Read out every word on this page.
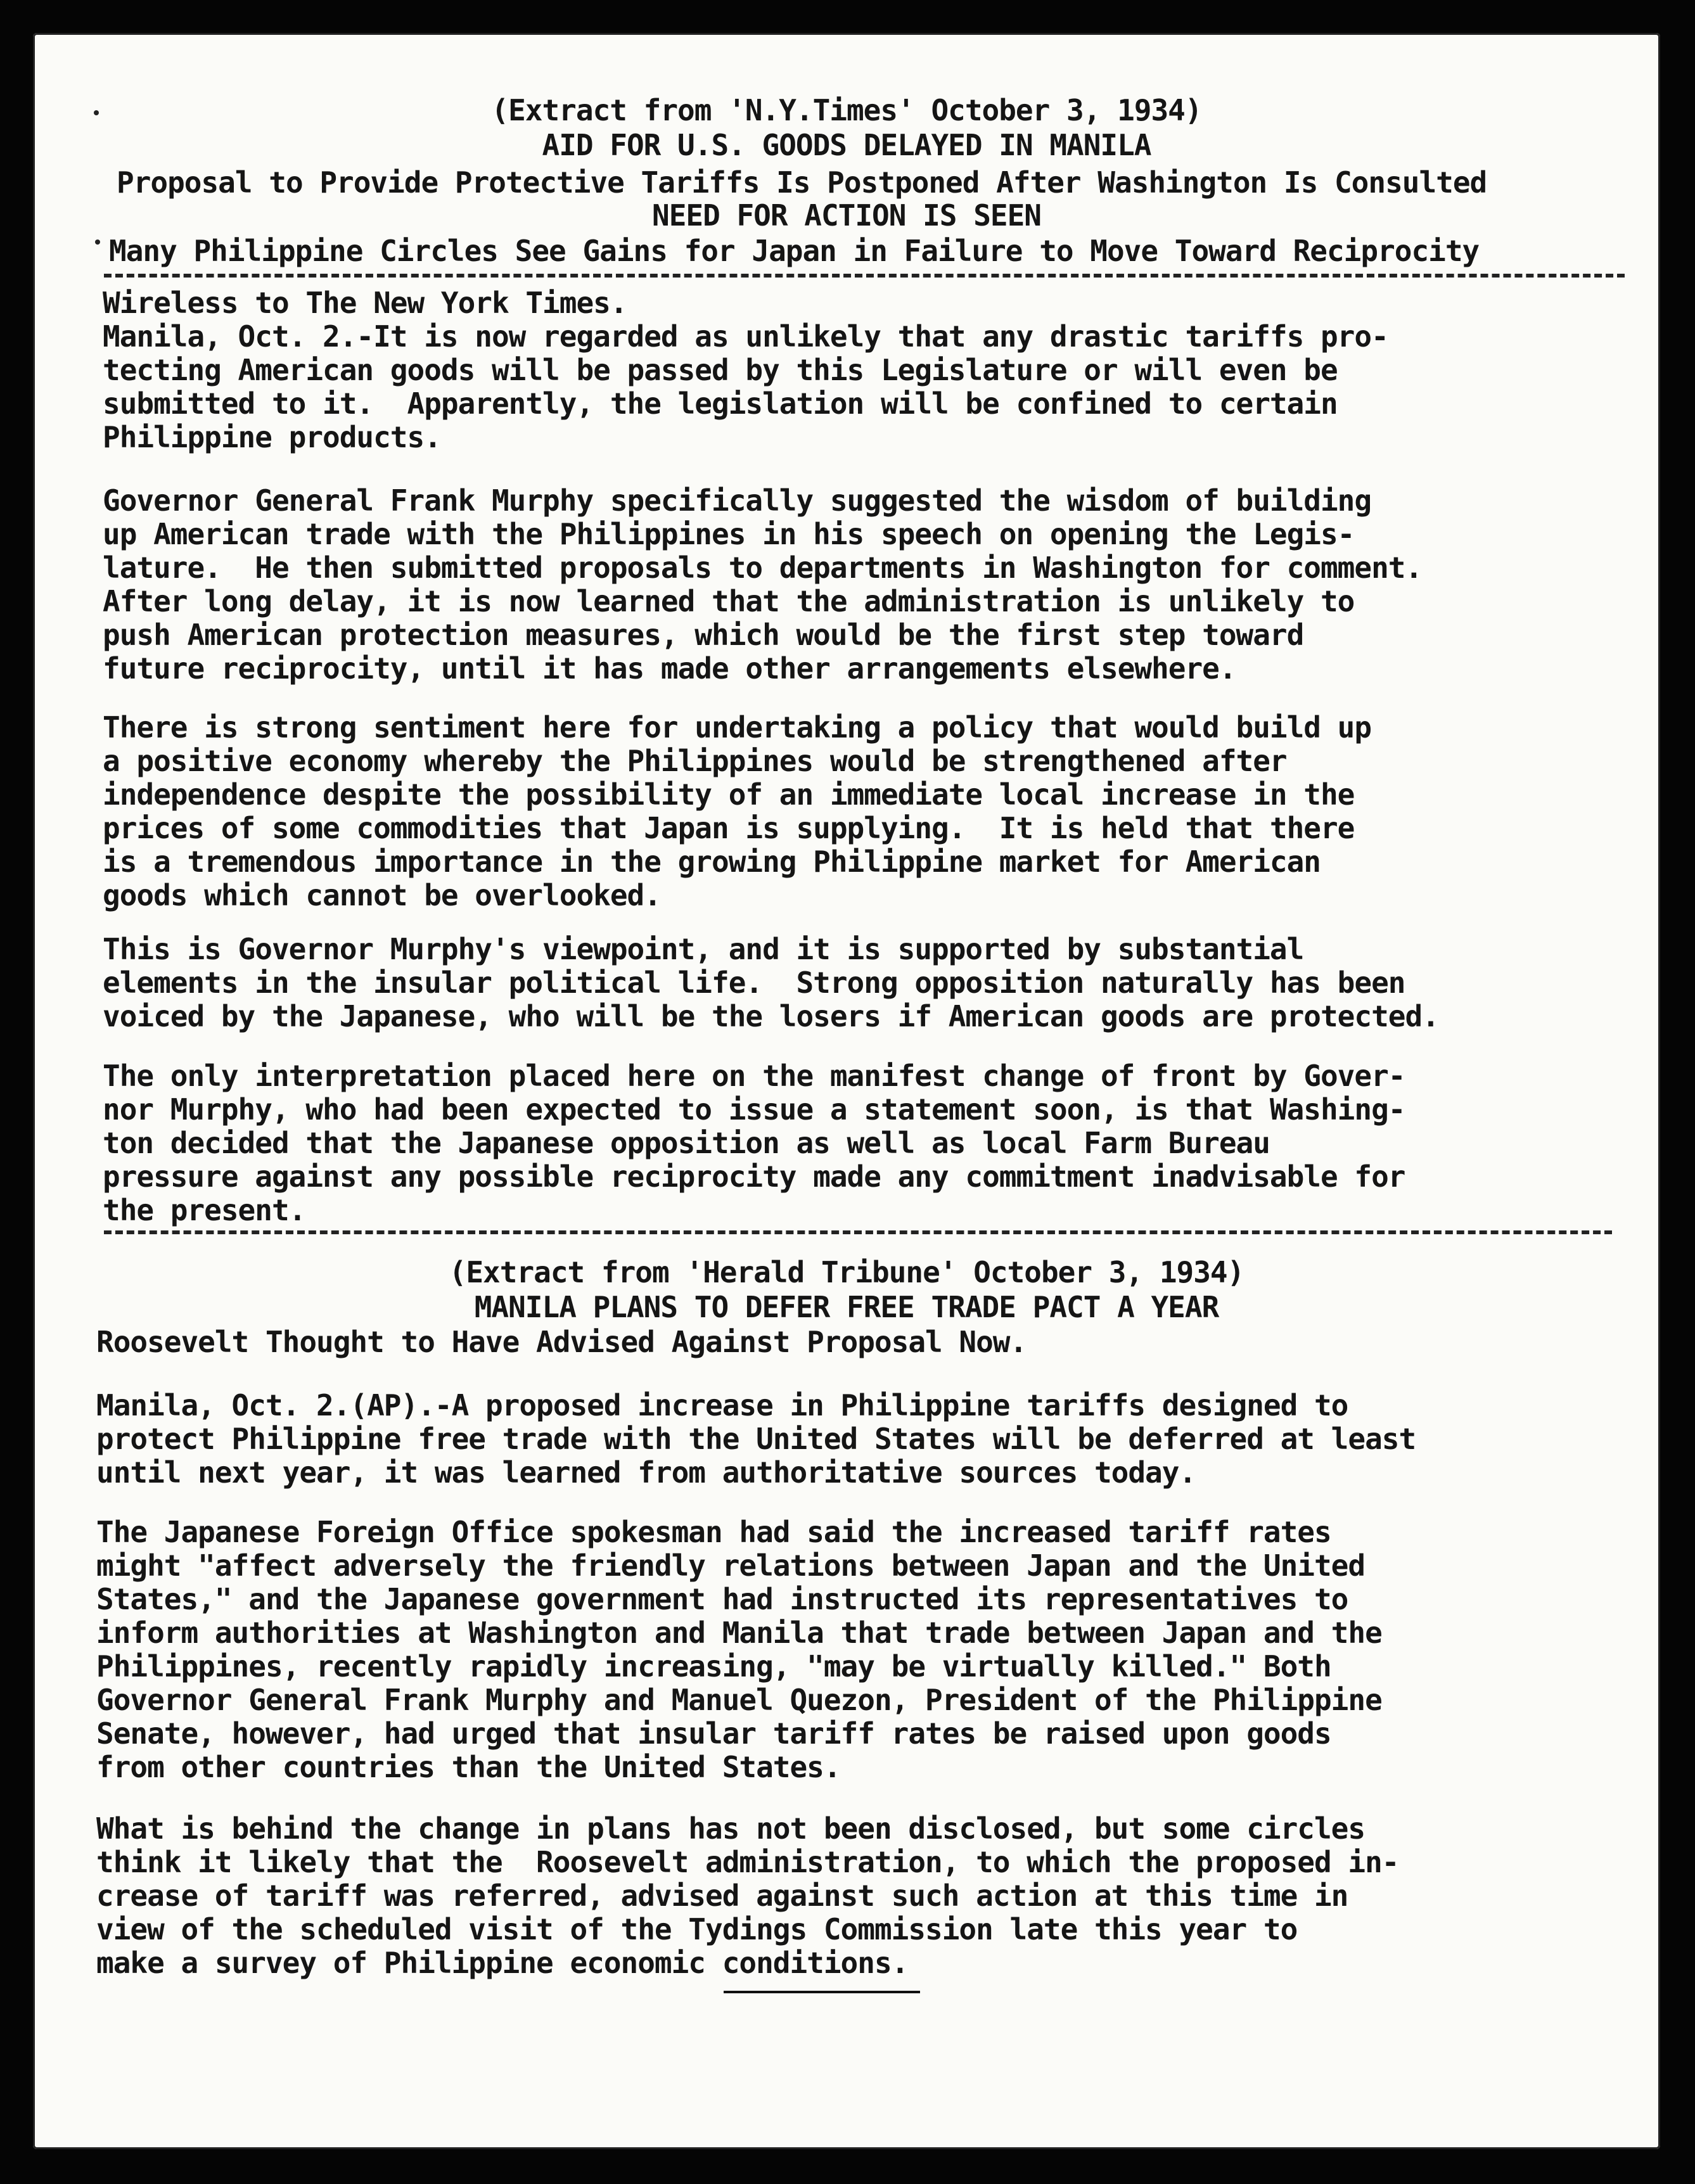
(Extract from 'N.Y.Times' October 3, 1934)

AID FOR U.S. GOODS DELAYED IN MANILA

Proposal to Provide Protective Tariffs Is Postponed After Washington Is Consulted

NEED FOR ACTION IS SEEN

Many Philippine Circles See Gains for Japan in Failure to Move Toward Reciprocity

Wireless to The New York Times.
Manila, Oct. 2.-It is now regarded as unlikely that any drastic tariffs pro-
tecting American goods will be passed by this Legislature or will even be
submitted to it.  Apparently, the legislation will be confined to certain
Philippine products.
Governor General Frank Murphy specifically suggested the wisdom of building
up American trade with the Philippines in his speech on opening the Legis-
lature.  He then submitted proposals to departments in Washington for comment.
After long delay, it is now learned that the administration is unlikely to
push American protection measures, which would be the first step toward
future reciprocity, until it has made other arrangements elsewhere.
There is strong sentiment here for undertaking a policy that would build up
a positive economy whereby the Philippines would be strengthened after
independence despite the possibility of an immediate local increase in the
prices of some commodities that Japan is supplying.  It is held that there
is a tremendous importance in the growing Philippine market for American
goods which cannot be overlooked.
This is Governor Murphy's viewpoint, and it is supported by substantial
elements in the insular political life.  Strong opposition naturally has been
voiced by the Japanese, who will be the losers if American goods are protected.
The only interpretation placed here on the manifest change of front by Gover-
nor Murphy, who had been expected to issue a statement soon, is that Washing-
ton decided that the Japanese opposition as well as local Farm Bureau
pressure against any possible reciprocity made any commitment inadvisable for
the present.

(Extract from 'Herald Tribune' October 3, 1934)

MANILA PLANS TO DEFER FREE TRADE PACT A YEAR

Roosevelt Thought to Have Advised Against Proposal Now.

Manila, Oct. 2.(AP).-A proposed increase in Philippine tariffs designed to
protect Philippine free trade with the United States will be deferred at least
until next year, it was learned from authoritative sources today.
The Japanese Foreign Office spokesman had said the increased tariff rates
might "affect adversely the friendly relations between Japan and the United
States," and the Japanese government had instructed its representatives to
inform authorities at Washington and Manila that trade between Japan and the
Philippines, recently rapidly increasing, "may be virtually killed." Both
Governor General Frank Murphy and Manuel Quezon, President of the Philippine
Senate, however, had urged that insular tariff rates be raised upon goods
from other countries than the United States.
What is behind the change in plans has not been disclosed, but some circles
think it likely that the  Roosevelt administration, to which the proposed in-
crease of tariff was referred, advised against such action at this time in
view of the scheduled visit of the Tydings Commission late this year to
make a survey of Philippine economic conditions.
